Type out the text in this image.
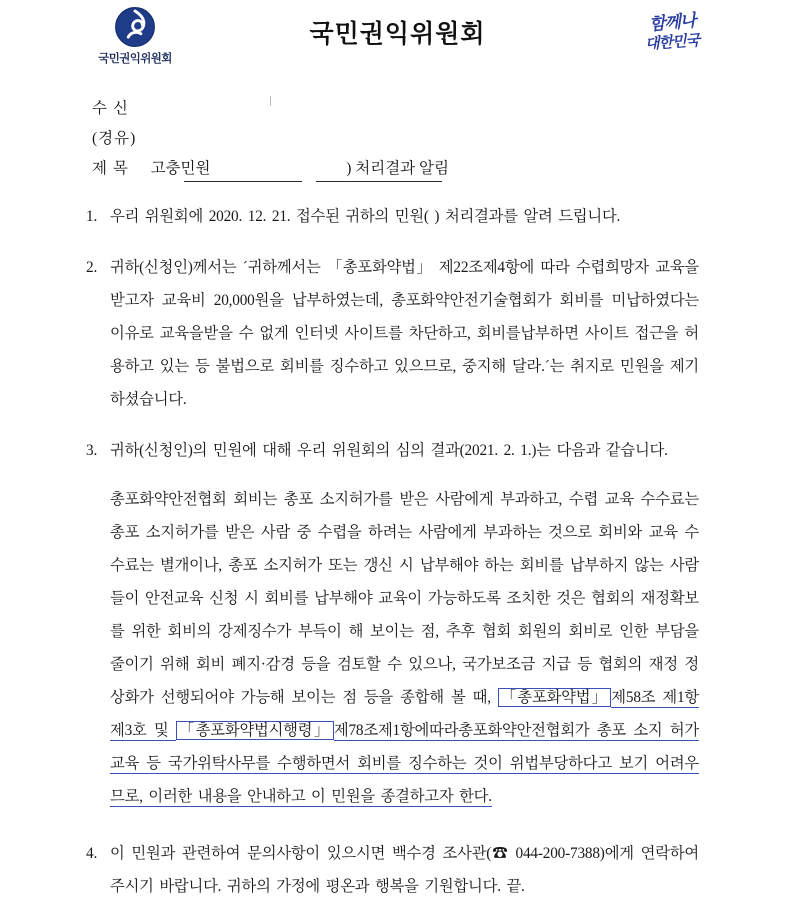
국민권익위원회
국민권익위원회	함께나
대한민국
수 신
(경유)
제 목 고충민원	) 처리결과 알림
1. 우리 위원회에 2020. 12. 21. 접수된 귀하의 민원( ) 처리결과를 알려 드립니다.
2. 귀하(신청인)께서는 ´귀하께서는 「총포화약법」 제22조제4항에 따라 수렵희망자 교육을 받고자 교육비 20,000원을 납부하였는데, 총포화약안전기술협회가 회비를 미납하였다는 이유로 교육을받을 수 없게 인터넷 사이트를 차단하고, 회비를납부하면 사이트 접근을 허용하고 있는 등 불법으로 회비를 징수하고 있으므로, 중지해 달라.´는 취지로 민원을 제기하셨습니다.
3. 귀하(신청인)의 민원에 대해 우리 위원회의 심의 결과(2021. 2. 1.)는 다음과 같습니다.
총포화약안전협회 회비는 총포 소지허가를 받은 사람에게 부과하고, 수렵 교육 수수료는 총포 소지허가를 받은 사람 중 수렵을 하려는 사람에게 부과하는 것으로 회비와 교육 수수료는 별개이나, 총포 소지허가 또는 갱신 시 납부해야 하는 회비를 납부하지 않는 사람들이 안전교육 신청 시 회비를 납부해야 교육이 가능하도록 조치한 것은 협회의 재정확보를 위한 회비의 강제징수가 부득이 해 보이는 점, 추후 협회 회원의 회비로 인한 부담을 줄이기 위해 회비 폐지·감경 등을 검토할 수 있으나, 국가보조금 지급 등 협회의 재정 정상화가 선행되어야 가능해 보이는 점 등을 종합해 볼 때, 「총포화약법」 제58조 제1항 제3호 및 「총포화약법시행령」 제78조제1항에따라총포화약안전협회가 총포 소지 허가 교육 등 국가위탁사무를 수행하면서 회비를 징수하는 것이 위법부당하다고 보기 어려우므로, 이러한 내용을 안내하고 이 민원을 종결하고자 한다.
4. 이 민원과 관련하여 문의사항이 있으시면 백수경 조사관(☎ 044-200-7388)에게 연락하여 주시기 바랍니다. 귀하의 가정에 평온과 행복을 기원합니다. 끝.
